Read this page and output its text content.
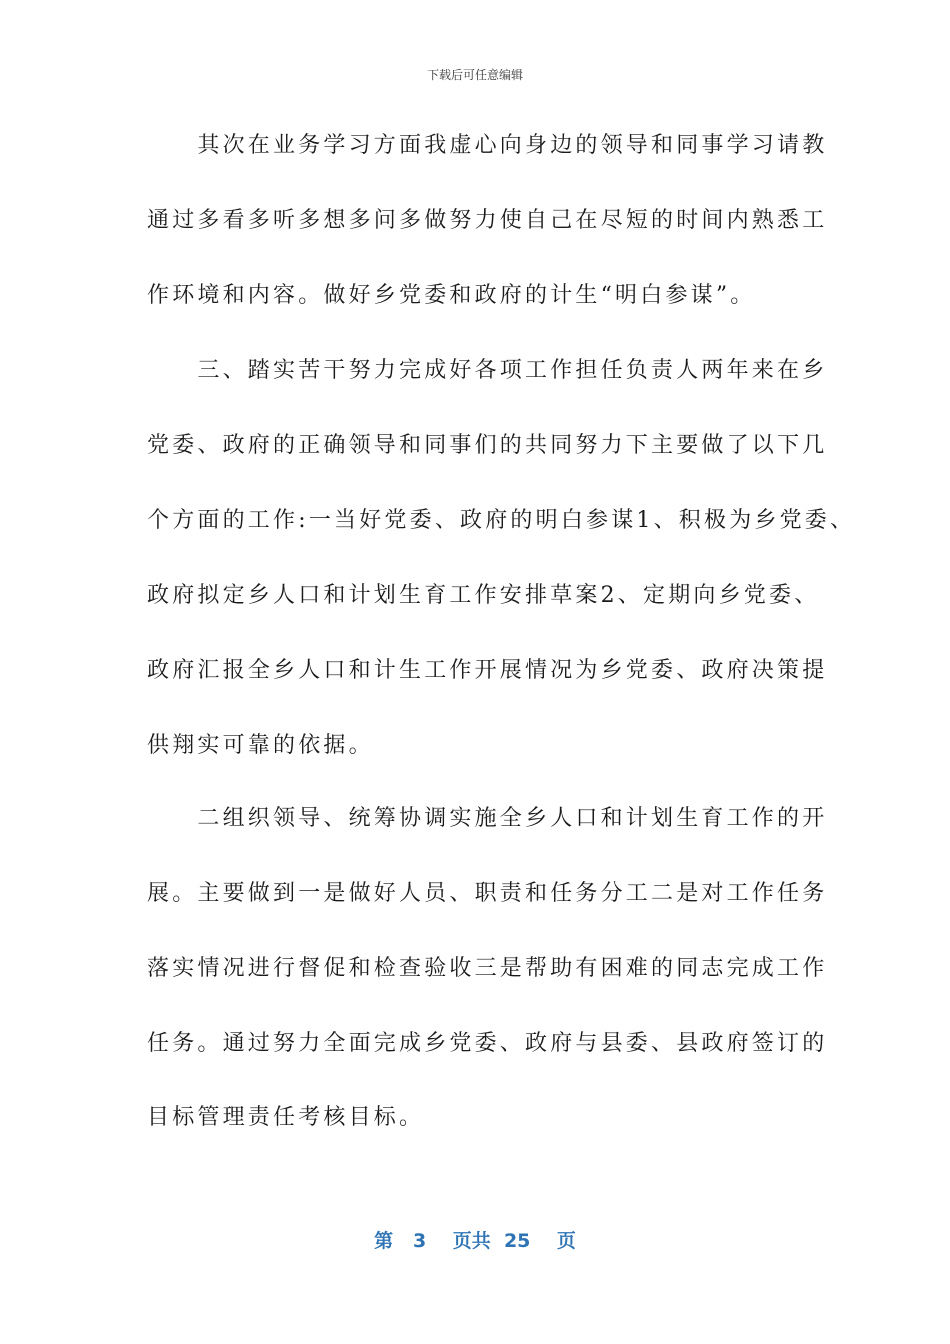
下载后可任意编辑
　　其次在业务学习方面我虚心向身边的领导和同事学习请教
通过多看多听多想多问多做努力使自己在尽短的时间内熟悉工
作环境和内容。做好乡党委和政府的计生“明白参谋”。
　　三、踏实苦干努力完成好各项工作担任负责人两年来在乡
党委、政府的正确领导和同事们的共同努力下主要做了以下几
个方面的工作:一当好党委、政府的明白参谋1、积极为乡党委、
政府拟定乡人口和计划生育工作安排草案2、定期向乡党委、
政府汇报全乡人口和计生工作开展情况为乡党委、政府决策提
供翔实可靠的依据。
　　二组织领导、统筹协调实施全乡人口和计划生育工作的开
展。主要做到一是做好人员、职责和任务分工二是对工作任务
落实情况进行督促和检查验收三是帮助有困难的同志完成工作
任务。通过努力全面完成乡党委、政府与县委、县政府签订的
目标管理责任考核目标。
第 3 页共 25 页
